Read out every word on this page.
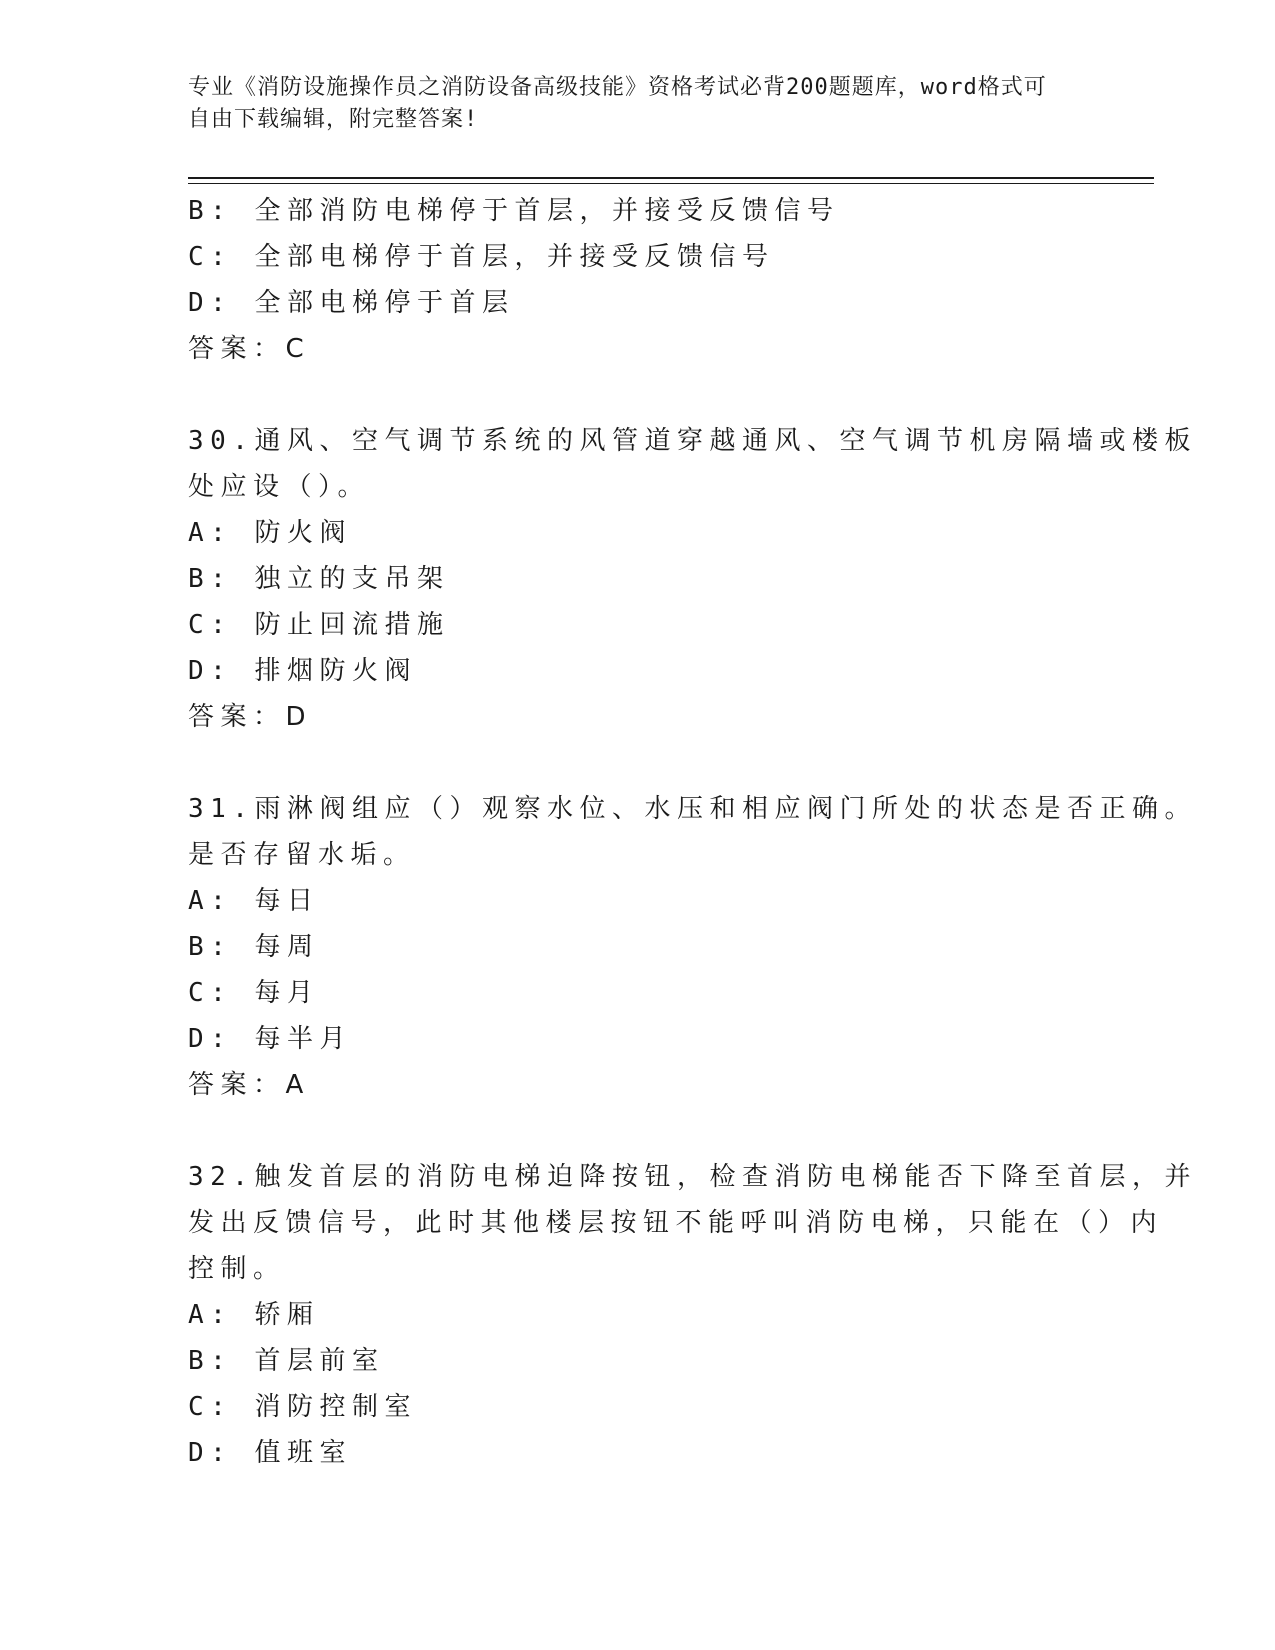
专业《消防设施操作员之消防设备高级技能》资格考试必背200题题库，word格式可自由下载编辑，附完整答案!
B: 全部消防电梯停于首层，并接受反馈信号
C: 全部电梯停于首层，并接受反馈信号
D: 全部电梯停于首层
答案：C
30.通风、空气调节系统的风管道穿越通风、空气调节机房隔墙或楼板
处应设（）。
A: 防火阀
B: 独立的支吊架
C: 防止回流措施
D: 排烟防火阀
答案：D
31.雨淋阀组应（）观察水位、水压和相应阀门所处的状态是否正确。
是否存留水垢。
A: 每日
B: 每周
C: 每月
D: 每半月
答案：A
32.触发首层的消防电梯迫降按钮，检查消防电梯能否下降至首层，并
发出反馈信号，此时其他楼层按钮不能呼叫消防电梯，只能在（）内
控制。
A: 轿厢
B: 首层前室
C: 消防控制室
D: 值班室
